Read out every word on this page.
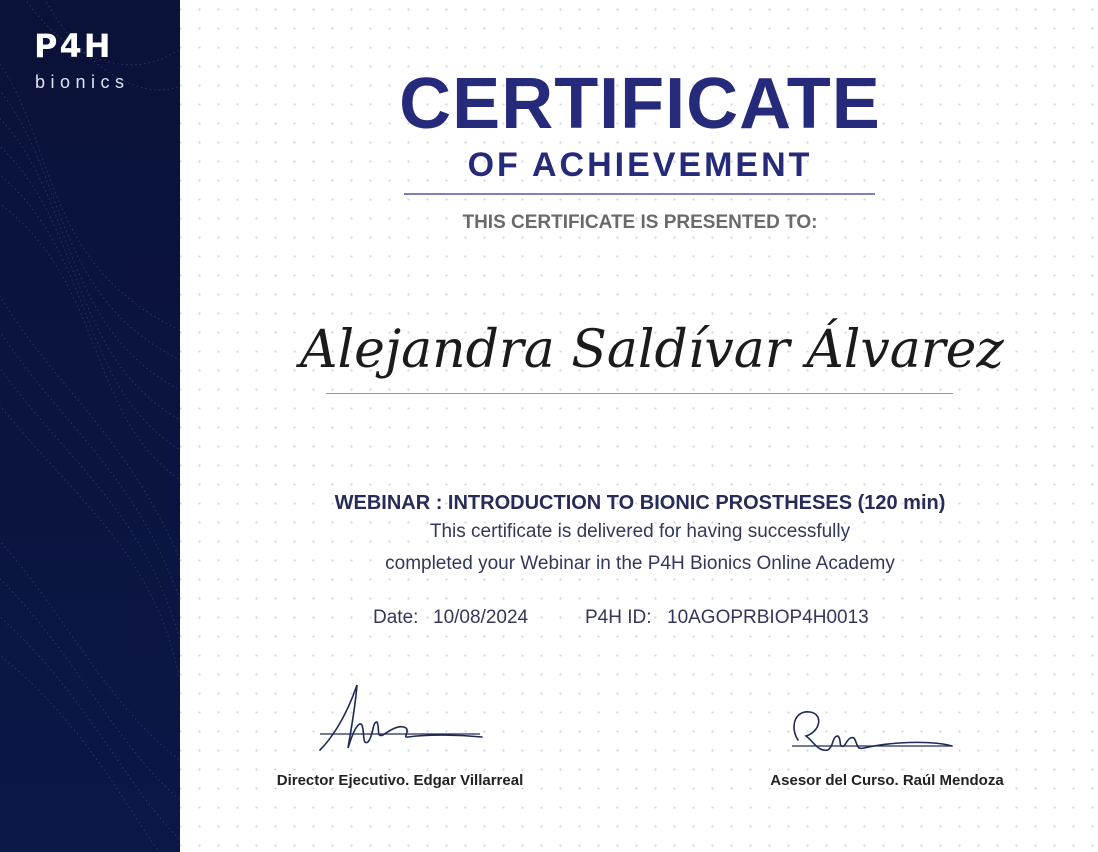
P4H
bionics	CERTIFICATE
OF ACHIEVEMENT
THIS CERTIFICATE IS PRESENTED TO:
Alejandra Saldívar Álvarez
WEBINAR : INTRODUCTION TO BIONIC PROSTHESES (120 min)
This certificate is delivered for having successfully
completed your Webinar in the P4H Bionics Online Academy
Date: 10/08/2024	P4H ID: 10AGOPRBIOP4H0013
Director Ejecutivo. Edgar Villarreal	Asesor del Curso. Raúl Mendoza
